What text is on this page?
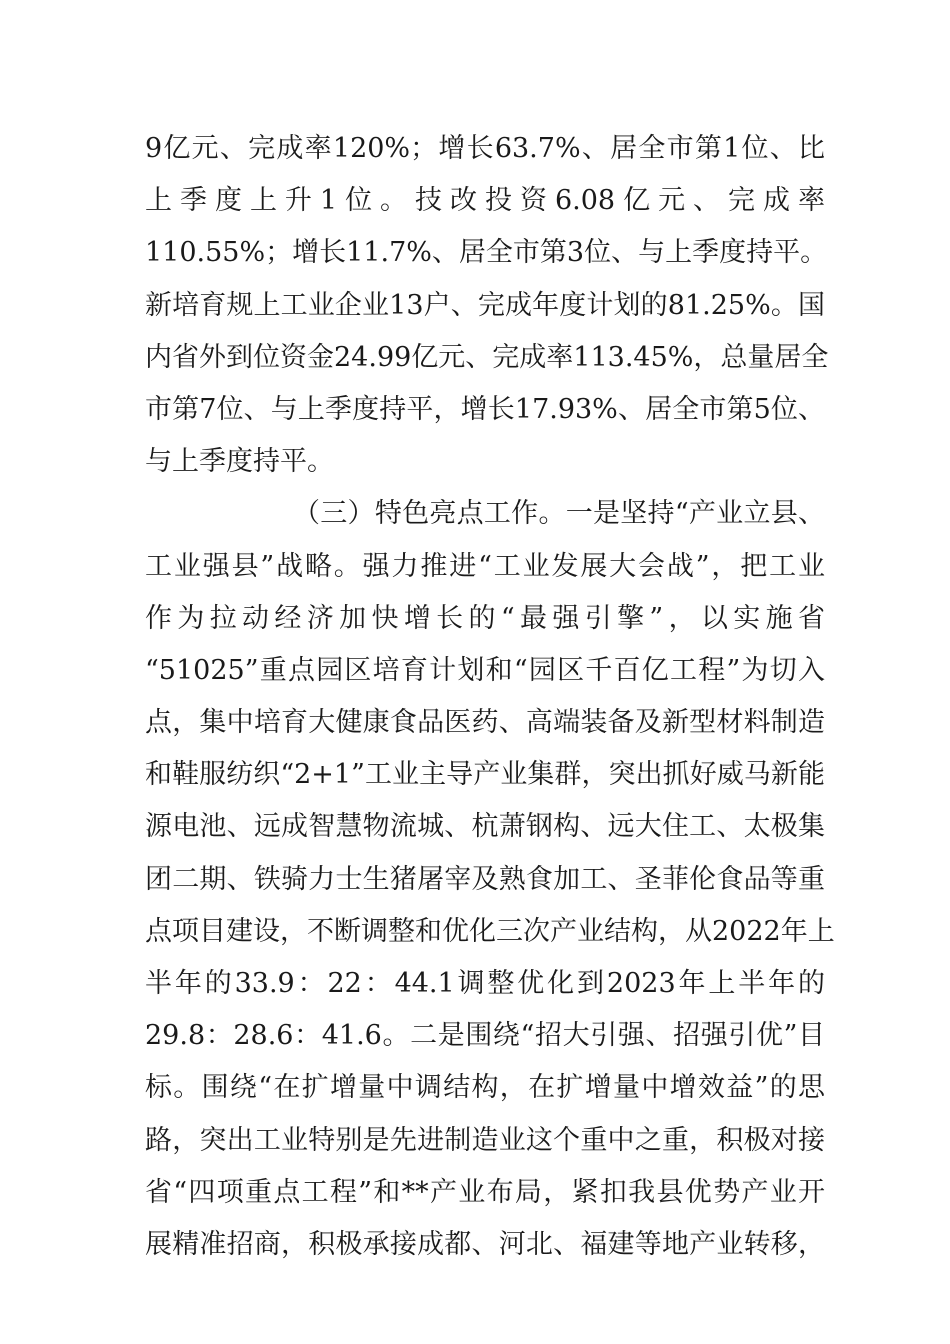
9亿元、完成率120%；增长63.7%、居全市第1位、比
上季度上升1位。技改投资6.08亿元、完成率
110.55%；增长11.7%、居全市第3位、与上季度持平。
新培育规上工业企业13户、完成年度计划的81.25%。国
内省外到位资金24.99亿元、完成率113.45%，总量居全
市第7位、与上季度持平，增长17.93%、居全市第5位、
与上季度持平。
（三）特色亮点工作。一是坚持“产业立县、
工业强县”战略。强力推进“工业发展大会战”，把工业
作为拉动经济加快增长的“最强引擎”，以实施省
“51025”重点园区培育计划和“园区千百亿工程”为切入
点，集中培育大健康食品医药、高端装备及新型材料制造
和鞋服纺织“2+1”工业主导产业集群，突出抓好威马新能
源电池、远成智慧物流城、杭萧钢构、远大住工、太极集
团二期、铁骑力士生猪屠宰及熟食加工、圣菲伦食品等重
点项目建设，不断调整和优化三次产业结构，从2022年上
半年的33.9：22：44.1调整优化到2023年上半年的
29.8：28.6：41.6。二是围绕“招大引强、招强引优”目
标。围绕“在扩增量中调结构，在扩增量中增效益”的思
路，突出工业特别是先进制造业这个重中之重，积极对接
省“四项重点工程”和**产业布局，紧扣我县优势产业开
展精准招商，积极承接成都、河北、福建等地产业转移，
